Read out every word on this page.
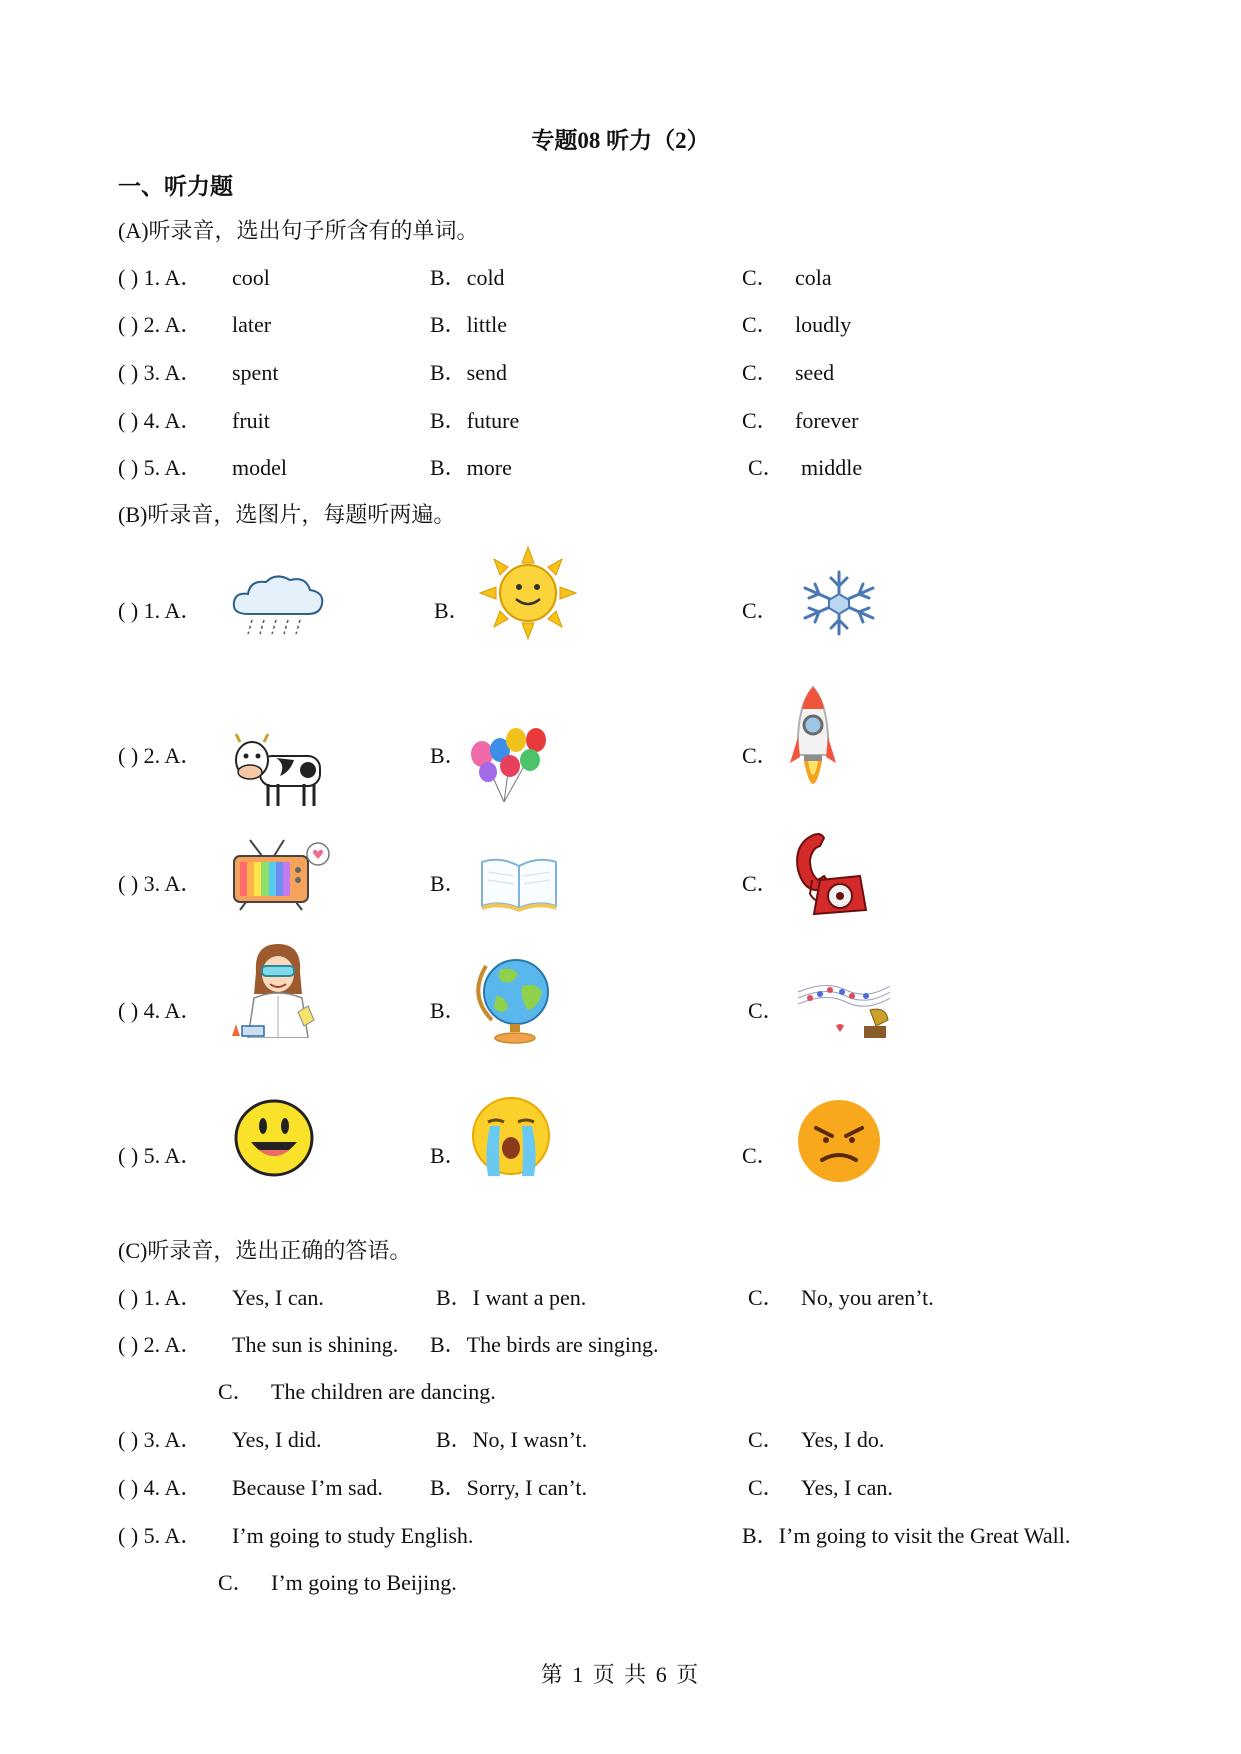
专题08 听力（2）
一、听力题
(A)听录音，选出句子所含有的单词。
( ) 1. A． cool	B．cold	C． cola
( ) 2. A． later	B．little	C． loudly
( ) 3. A． spent	B．send	C． seed
( ) 4. A． fruit	B．future	C． forever
( ) 5. A． model	B．more	C． middle
(B)听录音，选图片，每题听两遍。
( ) 1. A．	B．	C．
( ) 2. A．	B．	C．
( ) 3. A．	B．	C．
( ) 4. A．	B．	C．
( ) 5. A．	B．	C．
(C)听录音，选出正确的答语。
( ) 1. A． Yes, I can.	B．I want a pen.	C． No, you aren’t.
( ) 2. A． The sun is shining. B．The birds are singing.
C． The children are dancing.
( ) 3. A． Yes, I did.	B．No, I wasn’t.	C． Yes, I do.
( ) 4. A． Because I’m sad. B．Sorry, I can’t.	C． Yes, I can.
( ) 5. A． I’m going to study English.	B．I’m going to visit the Great Wall.
C． I’m going to Beijing.
第 1 页 共 6 页
